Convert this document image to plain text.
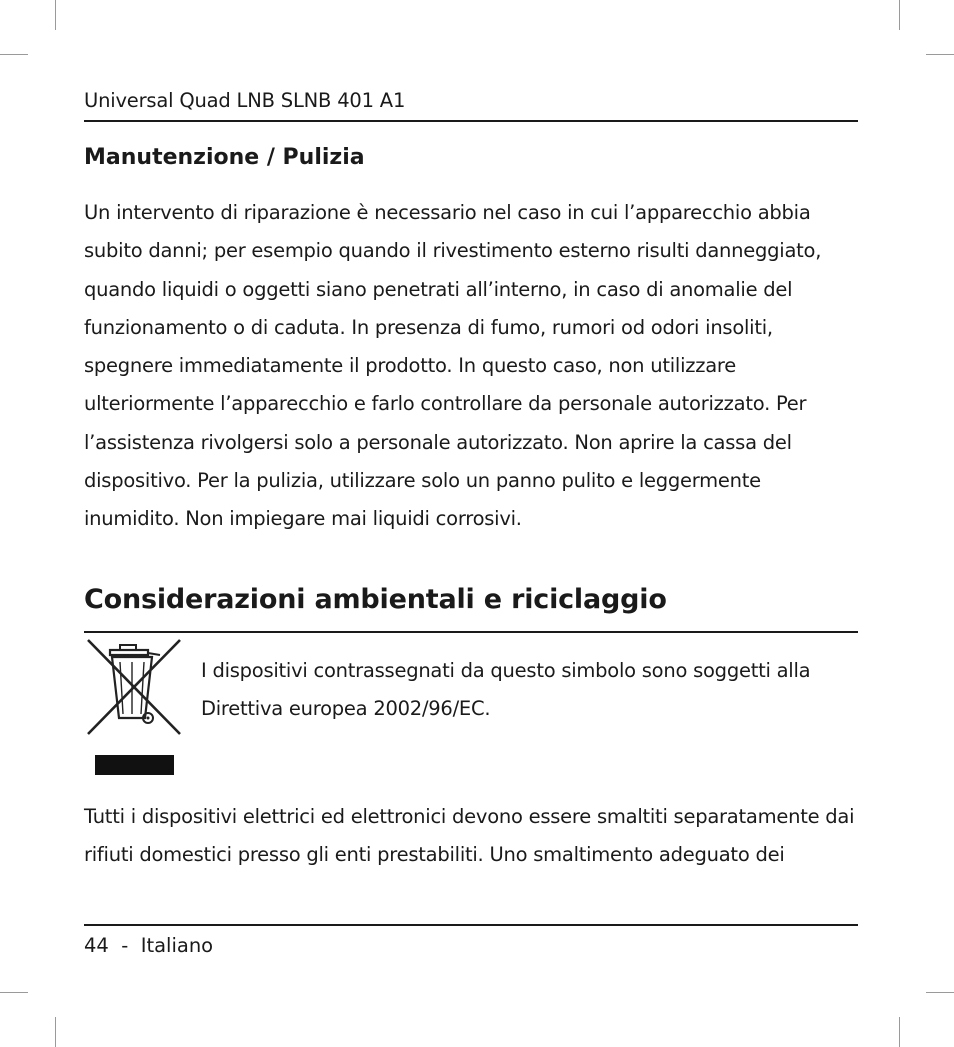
Universal Quad LNB SLNB 401 A1
Manutenzione / Pulizia

Un intervento di riparazione è necessario nel caso in cui l’apparecchio abbia subito danni; per esempio quando il rivestimento esterno risulti danneggiato, quando liquidi o oggetti siano penetrati all’interno, in caso di anomalie del funzionamento o di caduta. In presenza di fumo, rumori od odori insoliti, spegnere immediatamente il prodotto. In questo caso, non utilizzare ulteriormente l’apparecchio e farlo controllare da personale autorizzato. Per l’assistenza rivolgersi solo a personale autorizzato. Non aprire la cassa del dispositivo. Per la pulizia, utilizzare solo un panno pulito e leggermente inumidito. Non impiegare mai liquidi corrosivi.

Considerazioni ambientali e riciclaggio

I dispositivi contrassegnati da questo simbolo sono soggetti alla Direttiva europea 2002/96/EC.

Tutti i dispositivi elettrici ed elettronici devono essere smaltiti separatamente dai rifiuti domestici presso gli enti prestabiliti. Uno smaltimento adeguato dei

44 - Italiano
